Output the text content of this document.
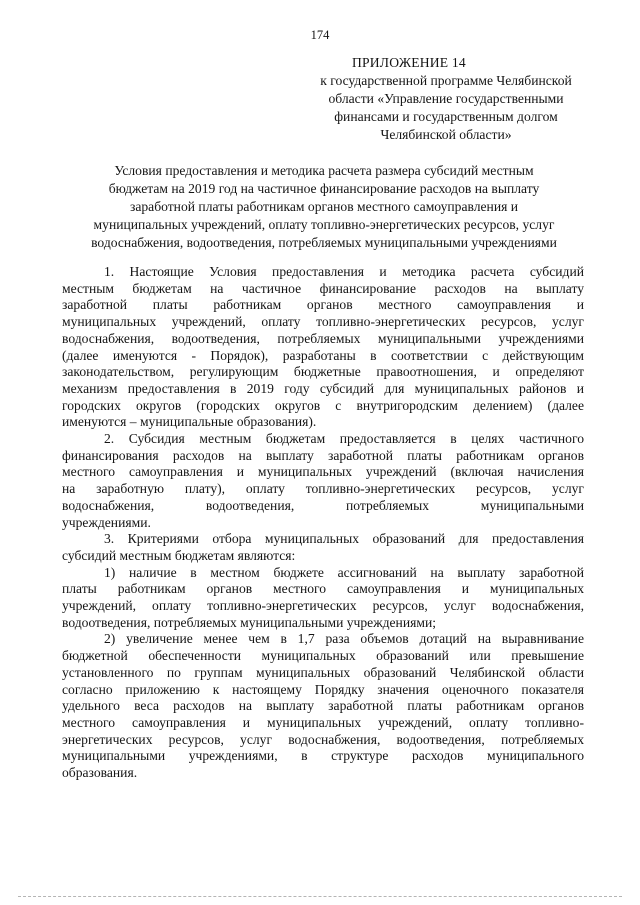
174
ПРИЛОЖЕНИЕ 14
к государственной программе Челябинской
области «Управление государственными
финансами и государственным долгом
Челябинской области»
Условия предоставления и методика расчета размера субсидий местным
бюджетам на 2019 год на частичное финансирование расходов на выплату
заработной платы работникам органов местного самоуправления и
муниципальных учреждений, оплату топливно-энергетических ресурсов, услуг
водоснабжения, водоотведения, потребляемых муниципальными учреждениями
1. Настоящие Условия предоставления и методика расчета субсидий
местным бюджетам на частичное финансирование расходов на выплату
заработной платы работникам органов местного самоуправления и
муниципальных учреждений, оплату топливно-энергетических ресурсов, услуг
водоснабжения, водоотведения, потребляемых муниципальными учреждениями
(далее именуются - Порядок), разработаны в соответствии с действующим
законодательством, регулирующим бюджетные правоотношения, и определяют
механизм предоставления в 2019 году субсидий для муниципальных районов и
городских округов (городских округов с внутригородским делением) (далее
именуются – муниципальные образования).
2. Субсидия местным бюджетам предоставляется в целях частичного
финансирования расходов на выплату заработной платы работникам органов
местного самоуправления и муниципальных учреждений (включая начисления
на заработную плату), оплату топливно-энергетических ресурсов, услуг
водоснабжения, водоотведения, потребляемых муниципальными
учреждениями.
3. Критериями отбора муниципальных образований для предоставления
субсидий местным бюджетам являются:
1) наличие в местном бюджете ассигнований на выплату заработной
платы работникам органов местного самоуправления и муниципальных
учреждений, оплату топливно-энергетических ресурсов, услуг водоснабжения,
водоотведения, потребляемых муниципальными учреждениями;
2) увеличение менее чем в 1,7 раза объемов дотаций на выравнивание
бюджетной обеспеченности муниципальных образований или превышение
установленного по группам муниципальных образований Челябинской области
согласно приложению к настоящему Порядку значения оценочного показателя
удельного веса расходов на выплату заработной платы работникам органов
местного самоуправления и муниципальных учреждений, оплату топливно-
энергетических ресурсов, услуг водоснабжения, водоотведения, потребляемых
муниципальными учреждениями, в структуре расходов муниципального
образования.
